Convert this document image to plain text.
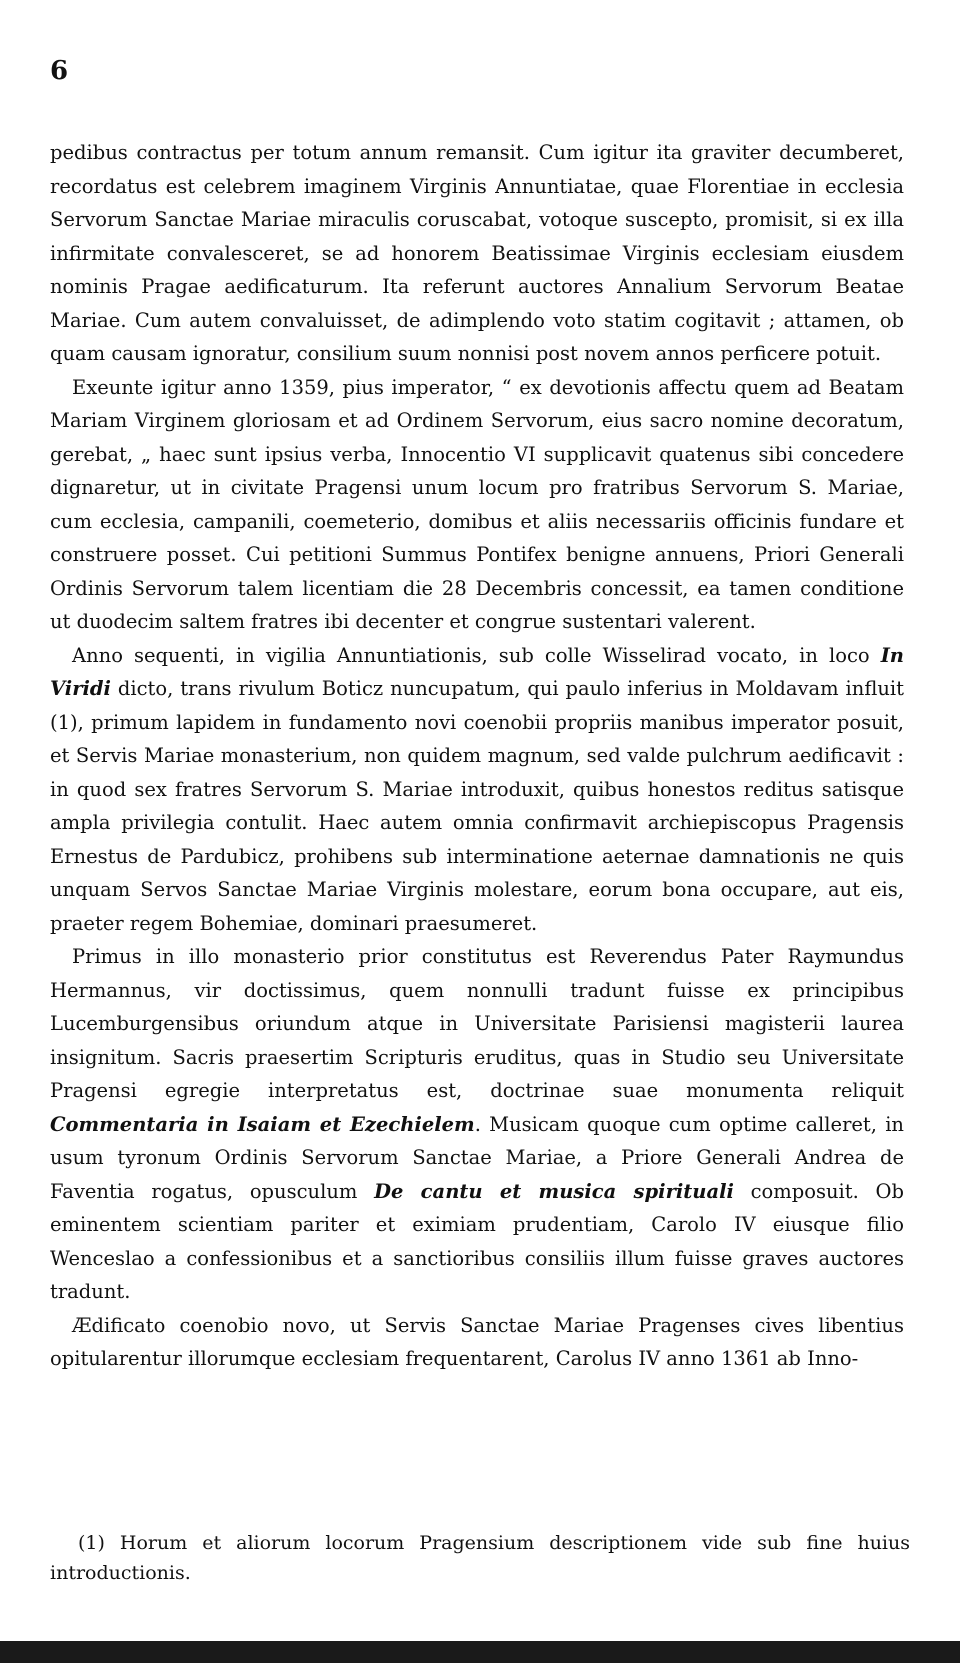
6

pedibus contractus per totum annum remansit. Cum igitur ita graviter decumberet, recordatus est celebrem imaginem Virginis Annuntiatae, quae Florentiae in ecclesia Servorum Sanctae Mariae miraculis coruscabat, votoque suscepto, promisit, si ex illa infirmitate convalesceret, se ad honorem Beatissimae Virginis ecclesiam eiusdem nominis Pragae aedificaturum. Ita referunt auctores Annalium Servorum Beatae Mariae. Cum autem convaluisset, de adimplendo voto statim cogitavit ; attamen, ob quam causam ignoratur, consilium suum nonnisi post novem annos perficere potuit.

Exeunte igitur anno 1359, pius imperator, “ ex devotionis affectu quem ad Beatam Mariam Virginem gloriosam et ad Ordinem Servorum, eius sacro nomine decoratum, gerebat, „ haec sunt ipsius verba, Innocentio VI supplicavit quatenus sibi concedere dignaretur, ut in civitate Pragensi unum locum pro fratribus Servorum S. Mariae, cum ecclesia, campanili, coemeterio, domibus et aliis necessariis officinis fundare et construere posset. Cui petitioni Summus Pontifex benigne annuens, Priori Generali Ordinis Servorum talem licentiam die 28 Decembris concessit, ea tamen conditione ut duodecim saltem fratres ibi decenter et congrue sustentari valerent.

Anno sequenti, in vigilia Annuntiationis, sub colle Wisselirad vocato, in loco In Viridi dicto, trans rivulum Boticz nuncupatum, qui paulo inferius in Moldavam influit (1), primum lapidem in fundamento novi coenobii propriis manibus imperator posuit, et Servis Mariae monasterium, non quidem magnum, sed valde pulchrum aedificavit : in quod sex fratres Servorum S. Mariae introduxit, quibus honestos reditus satisque ampla privilegia contulit. Haec autem omnia confirmavit archiepiscopus Pragensis Ernestus de Pardubicz, prohibens sub interminatione aeternae damnationis ne quis unquam Servos Sanctae Mariae Virginis molestare, eorum bona occupare, aut eis, praeter regem Bohemiae, dominari praesumeret.

Primus in illo monasterio prior constitutus est Reverendus Pater Raymundus Hermannus, vir doctissimus, quem nonnulli tradunt fuisse ex principibus Lucemburgensibus oriundum atque in Universitate Parisiensi magisterii laurea insignitum. Sacris praesertim Scripturis eruditus, quas in Studio seu Universitate Pragensi egregie interpretatus est, doctrinae suae monumenta reliquit Commentaria in Isaiam et Ezechielem. Musicam quoque cum optime calleret, in usum tyronum Ordinis Servorum Sanctae Mariae, a Priore Generali Andrea de Faventia rogatus, opusculum De cantu et musica spirituali composuit. Ob eminentem scientiam pariter et eximiam prudentiam, Carolo IV eiusque filio Wenceslao a confessionibus et a sanctioribus consiliis illum fuisse graves auctores tradunt.

Ædificato coenobio novo, ut Servis Sanctae Mariae Pragenses cives libentius opitularentur illorumque ecclesiam frequentarent, Carolus IV anno 1361 ab Inno-

(1) Horum et aliorum locorum Pragensium descriptionem vide sub fine huius introductionis.
